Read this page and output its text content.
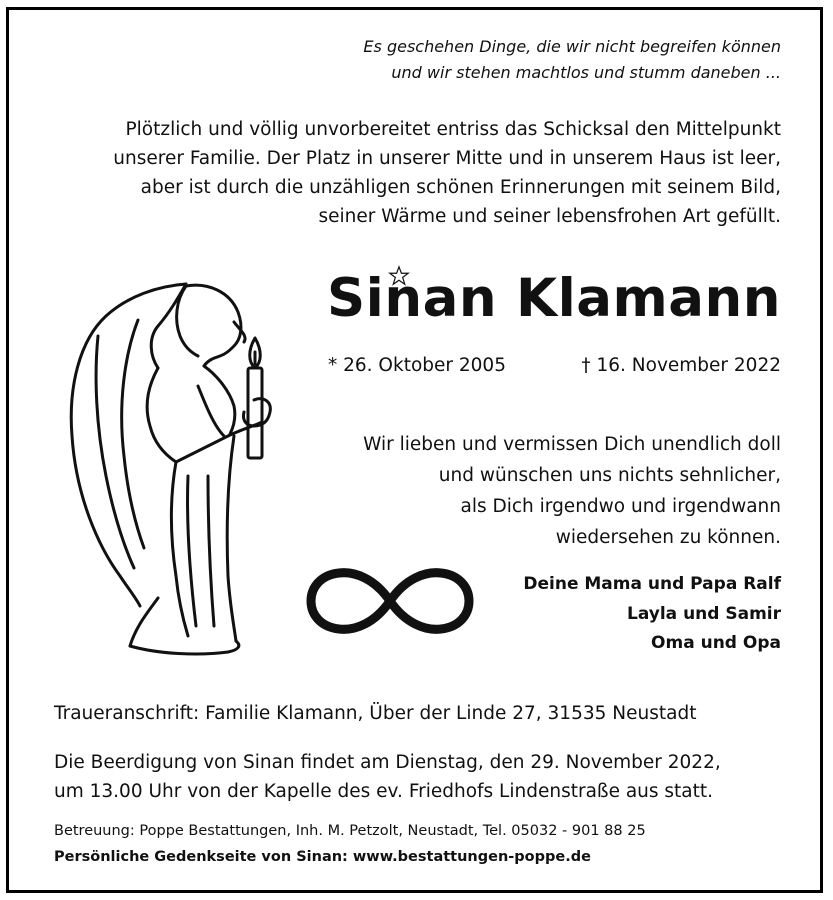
Es geschehen Dinge, die wir nicht begreifen können
und wir stehen machtlos und stumm daneben ...

Plötzlich und völlig unvorbereitet entriss das Schicksal den Mittelpunkt
unserer Familie. Der Platz in unserer Mitte und in unserem Haus ist leer,
aber ist durch die unzähligen schönen Erinnerungen mit seinem Bild,
seiner Wärme und seiner lebensfrohen Art gefüllt.

Sinan Klamann

* 26. Oktober 2005	† 16. November 2022

Wir lieben und vermissen Dich unendlich doll
und wünschen uns nichts sehnlicher,
als Dich irgendwo und irgendwann
wiedersehen zu können.

Deine Mama und Papa Ralf
Layla und Samir
Oma und Opa

Traueranschrift: Familie Klamann, Über der Linde 27, 31535 Neustadt

Die Beerdigung von Sinan findet am Dienstag, den 29. November 2022,
um 13.00 Uhr von der Kapelle des ev. Friedhofs Lindenstraße aus statt.

Betreuung: Poppe Bestattungen, Inh. M. Petzolt, Neustadt, Tel. 05032 - 901 88 25

Persönliche Gedenkseite von Sinan: www.bestattungen-poppe.de
